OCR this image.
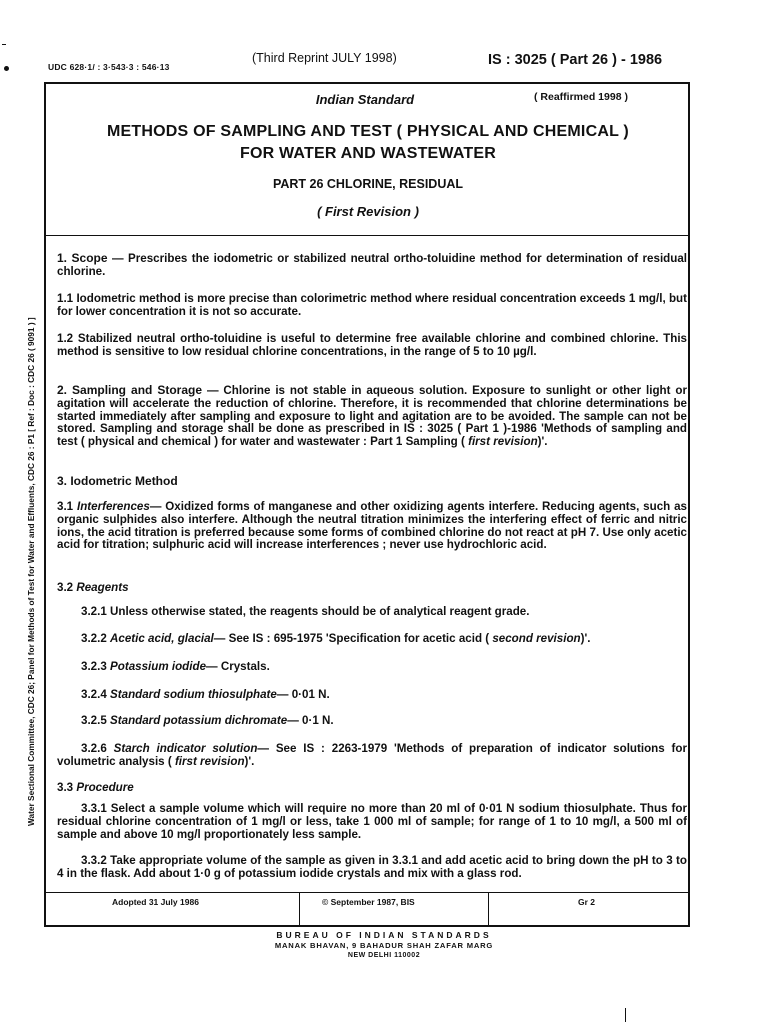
UDC 628·1/ : 3·543·3 : 546·13
(Third Reprint JULY 1998)	IS : 3025 ( Part 26 ) - 1986
Water Sectional Committee, CDC 26; Panel for Methods of Test for Water and Effluents, CDC 26 : P1 [ Ref : Doc : CDC 26 ( 9091 ) ]
Indian Standard	( Reaffirmed 1998 )
METHODS OF SAMPLING AND TEST ( PHYSICAL AND CHEMICAL )
FOR WATER AND WASTEWATER
PART 26 CHLORINE, RESIDUAL
( First Revision )

1. Scope — Prescribes the iodometric or stabilized neutral ortho-toluidine method for determination of residual chlorine.

1.1 Iodometric method is more precise than colorimetric method where residual concentration exceeds 1 mg/l, but for lower concentration it is not so accurate.

1.2 Stabilized neutral ortho-toluidine is useful to determine free available chlorine and combined chlorine. This method is sensitive to low residual chlorine concentrations, in the range of 5 to 10 µg/l.

2. Sampling and Storage — Chlorine is not stable in aqueous solution. Exposure to sunlight or other light or agitation will accelerate the reduction of chlorine. Therefore, it is recommended that chlorine determinations be started immediately after sampling and exposure to light and agitation are to be avoided. The sample can not be stored. Sampling and storage shall be done as prescribed in IS : 3025 ( Part 1 )-1986 'Methods of sampling and test ( physical and chemical ) for water and wastewater : Part 1 Sampling ( first revision)'.

3. Iodometric Method

3.1 Interferences— Oxidized forms of manganese and other oxidizing agents interfere. Reducing agents, such as organic sulphides also interfere. Although the neutral titration minimizes the interfering effect of ferric and nitric ions, the acid titration is preferred because some forms of combined chlorine do not react at pH 7. Use only acetic acid for titration; sulphuric acid will increase interferences ; never use hydrochloric acid.

3.2 Reagents

3.2.1 Unless otherwise stated, the reagents should be of analytical reagent grade.

3.2.2 Acetic acid, glacial— See IS : 695-1975 'Specification for acetic acid ( second revision)'.

3.2.3 Potassium iodide— Crystals.

3.2.4 Standard sodium thiosulphate— 0·01 N.

3.2.5 Standard potassium dichromate— 0·1 N.

3.2.6 Starch indicator solution— See IS : 2263-1979 'Methods of preparation of indicator solutions for volumetric analysis ( first revision)'.

3.3 Procedure

3.3.1 Select a sample volume which will require no more than 20 ml of 0·01 N sodium thiosulphate. Thus for residual chlorine concentration of 1 mg/l or less, take 1 000 ml of sample; for range of 1 to 10 mg/l, a 500 ml of sample and above 10 mg/l proportionately less sample.

3.3.2 Take appropriate volume of the sample as given in 3.3.1 and add acetic acid to bring down the pH to 3 to 4 in the flask. Add about 1·0 g of potassium iodide crystals and mix with a glass rod.

Adopted 31 July 1986	© September 1987, BIS	Gr 2
BUREAU OF INDIAN STANDARDS
MANAK BHAVAN, 9 BAHADUR SHAH ZAFAR MARG
NEW DELHI 110002
